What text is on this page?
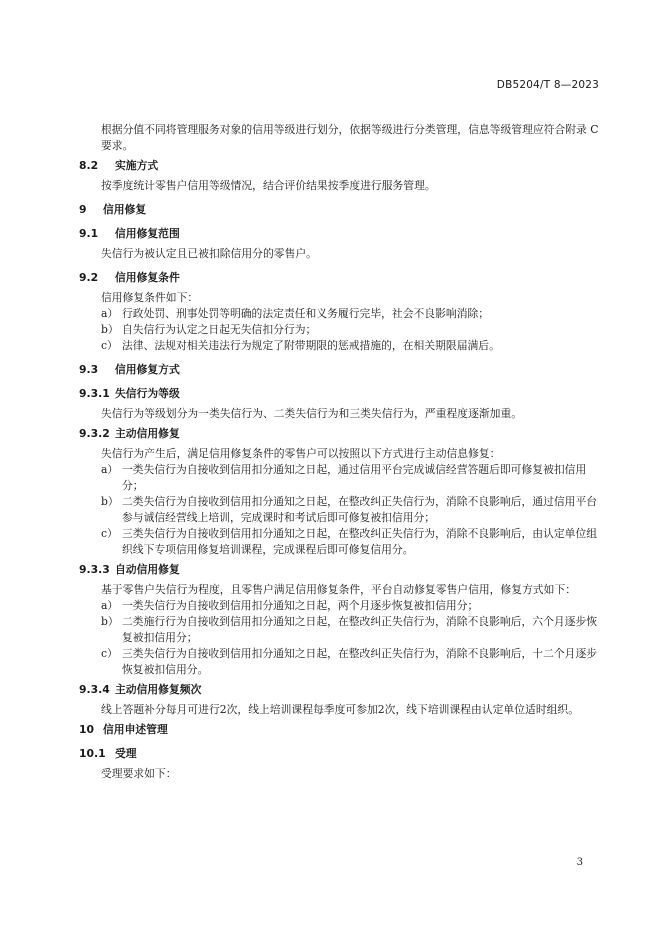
DB5204/T 8—2023
根据分值不同将管理服务对象的信用等级进行划分，依据等级进行分类管理，信息等级管理应符合附录 C 要求。
8.2	实施方式
按季度统计零售户信用等级情况，结合评价结果按季度进行服务管理。
9	信用修复
9.1	信用修复范围
失信行为被认定且已被扣除信用分的零售户。
9.2	信用修复条件
信用修复条件如下：
a） 行政处罚、刑事处罚等明确的法定责任和义务履行完毕，社会不良影响消除；
b） 自失信行为认定之日起无失信扣分行为；
c） 法律、法规对相关违法行为规定了附带期限的惩戒措施的，在相关期限届满后。
9.3	信用修复方式
9.3.1 失信行为等级
失信行为等级划分为一类失信行为、二类失信行为和三类失信行为，严重程度逐渐加重。
9.3.2 主动信用修复
失信行为产生后，满足信用修复条件的零售户可以按照以下方式进行主动信息修复：
a） 一类失信行为自接收到信用扣分通知之日起，通过信用平台完成诚信经营答题后即可修复被扣信用分；
b） 二类失信行为自接收到信用扣分通知之日起，在整改纠正失信行为，消除不良影响后，通过信用平台参与诚信经营线上培训，完成课时和考试后即可修复被扣信用分；
c） 三类失信行为自接收到信用扣分通知之日起，在整改纠正失信行为，消除不良影响后，由认定单位组织线下专项信用修复培训课程，完成课程后即可修复信用分。
9.3.3 自动信用修复
基于零售户失信行为程度，且零售户满足信用修复条件，平台自动修复零售户信用，修复方式如下：
a） 一类失信行为自接收到信用扣分通知之日起，两个月逐步恢复被扣信用分；
b） 二类施行行为自接收到信用扣分通知之日起，在整改纠正失信行为，消除不良影响后，六个月逐步恢复被扣信用分；
c） 三类失信行为自接收到信用扣分通知之日起，在整改纠正失信行为，消除不良影响后，十二个月逐步恢复被扣信用分。
9.3.4 主动信用修复频次
线上答题补分每月可进行2次，线上培训课程每季度可参加2次，线下培训课程由认定单位适时组织。
10 信用申述管理
10.1 受理
受理要求如下：
3
